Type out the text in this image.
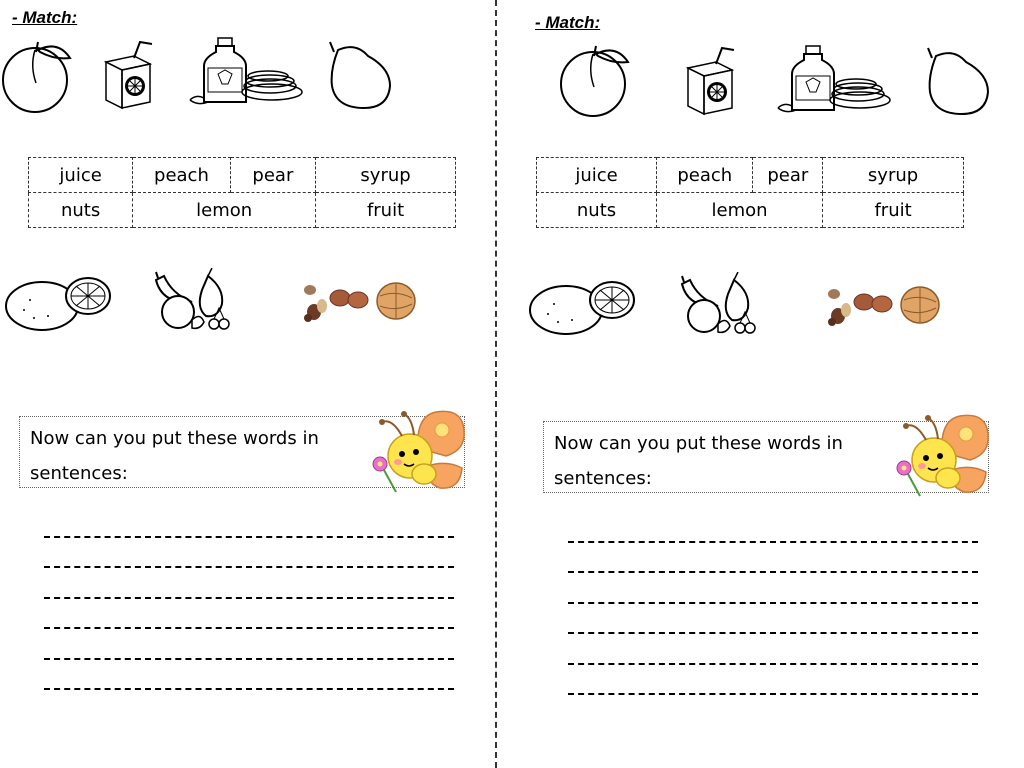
- Match:
juice	peach	pear	syrup
nuts	lemon		fruit
Now can you put these words in sentences:
- Match:
juice	peach	pear	syrup
nuts	lemon		fruit
Now can you put these words in sentences:
